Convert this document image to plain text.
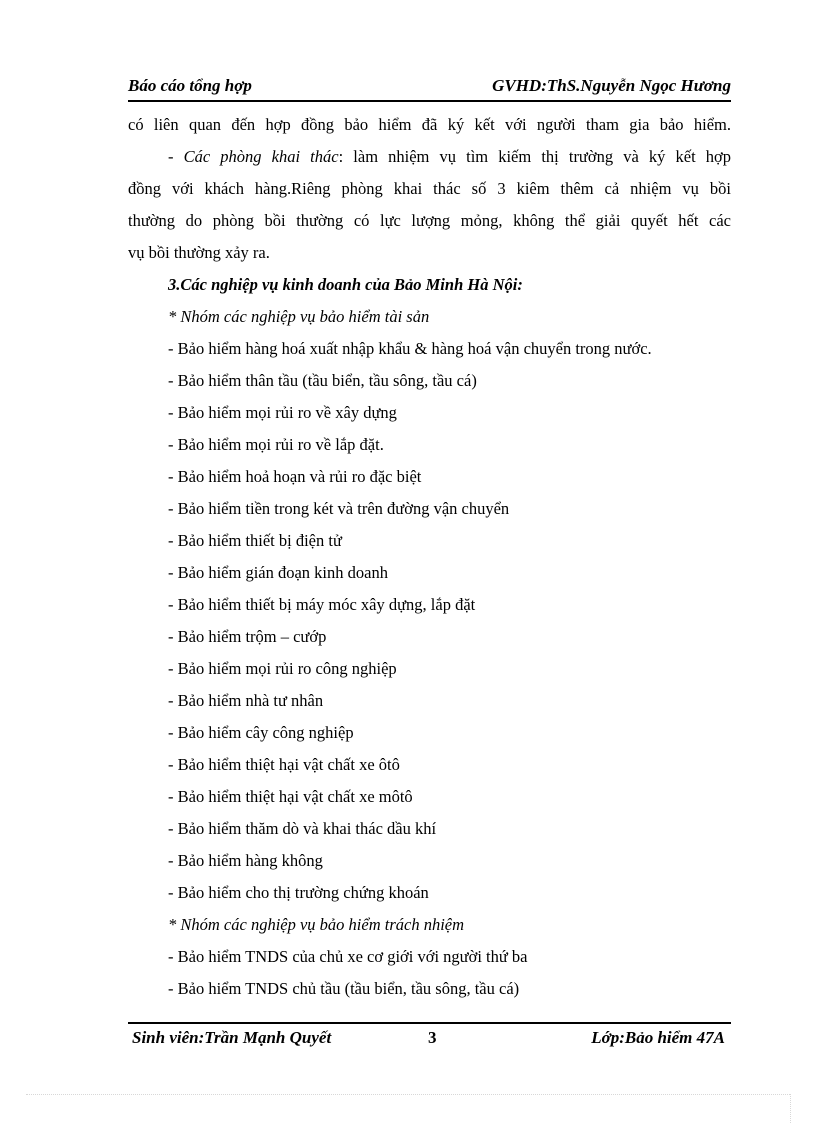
Báo cáo tổng hợp	GVHD:ThS.Nguyễn Ngọc Hương
có liên quan đến hợp đồng bảo hiểm đã ký kết với người tham gia bảo hiểm.
- Các phòng khai thác: làm nhiệm vụ tìm kiếm thị trường và ký kết hợp
đồng với khách hàng.Riêng phòng khai thác số 3 kiêm thêm cả nhiệm vụ bồi
thường do phòng bồi thường có lực lượng mỏng, không thể giải quyết hết các
vụ bồi thường xảy ra.
3.Các nghiệp vụ kinh doanh của Bảo Minh Hà Nội:
* Nhóm các nghiệp vụ bảo hiểm tài sản
- Bảo hiểm hàng hoá xuất nhập khẩu & hàng hoá vận chuyển trong nước.
- Bảo hiểm thân tầu (tầu biển, tầu sông, tầu cá)
- Bảo hiểm mọi rủi ro về xây dựng
- Bảo hiểm mọi rủi ro về lắp đặt.
- Bảo hiểm hoả hoạn và rủi ro đặc biệt
- Bảo hiểm tiền trong két và trên đường vận chuyển
- Bảo hiểm thiết bị điện tử
- Bảo hiểm gián đoạn kinh doanh
- Bảo hiểm thiết bị máy móc xây dựng, lắp đặt
- Bảo hiểm trộm – cướp
- Bảo hiểm mọi rủi ro công nghiệp
- Bảo hiểm nhà tư nhân
- Bảo hiểm cây công nghiệp
- Bảo hiểm thiệt hại vật chất xe ôtô
- Bảo hiểm thiệt hại vật chất xe môtô
- Bảo hiểm thăm dò và khai thác dầu khí
- Bảo hiểm hàng không
- Bảo hiểm cho thị trường chứng khoán
* Nhóm các nghiệp vụ bảo hiểm trách nhiệm
- Bảo hiểm TNDS của chủ xe cơ giới với người thứ ba
- Bảo hiểm TNDS chủ tầu (tầu biển, tầu sông, tầu cá)
Sinh viên:Trần Mạnh Quyết	3	Lớp:Bảo hiểm 47A
